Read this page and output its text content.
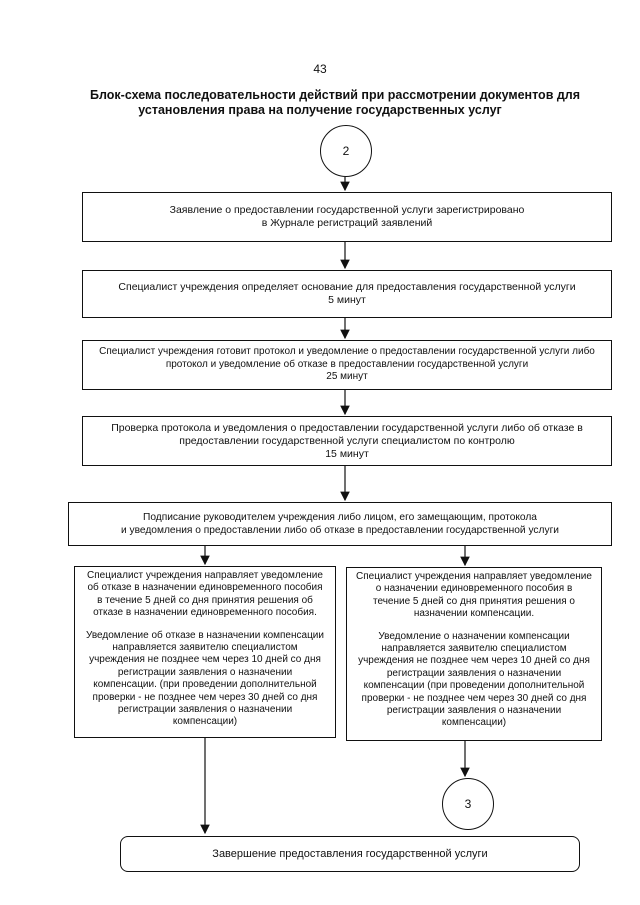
43
Блок-схема последовательности действий при рассмотрении документов для
установления права на получение государственных услуг
2
Заявление о предоставлении государственной услуги зарегистрировано
в Журнале регистраций заявлений
Специалист учреждения определяет основание для предоставления государственной услуги
5 минут
Специалист учреждения готовит протокол и уведомление о предоставлении государственной услуги либо
протокол и уведомление об отказе в предоставлении государственной услуги
25 минут
Проверка протокола и уведомления о предоставлении государственной услуги либо об отказе в
предоставлении государственной услуги специалистом по контролю
15 минут
Подписание руководителем учреждения либо лицом, его замещающим, протокола
и уведомления о предоставлении либо об отказе в предоставлении государственной услуги
Специалист учреждения направляет уведомление
об отказе в назначении единовременного пособия
в течение 5 дней со дня принятия решения об
отказе в назначении единовременного пособия.
Уведомление об отказе в назначении компенсации
направляется заявителю специалистом
учреждения не позднее чем через 10 дней со дня
регистрации заявления о назначении
компенсации. (при проведении дополнительной
проверки - не позднее чем через 30 дней со дня
регистрации заявления о назначении
компенсации)
Специалист учреждения направляет уведомление
о назначении единовременного пособия в
течение 5 дней со дня принятия решения о
назначении компенсации.
Уведомление о назначении компенсации
направляется заявителю специалистом
учреждения не позднее чем через 10 дней со дня
регистрации заявления о назначении
компенсации (при проведении дополнительной
проверки - не позднее чем через 30 дней со дня
регистрации заявления о назначении
компенсации)
3
Завершение предоставления государственной услуги
